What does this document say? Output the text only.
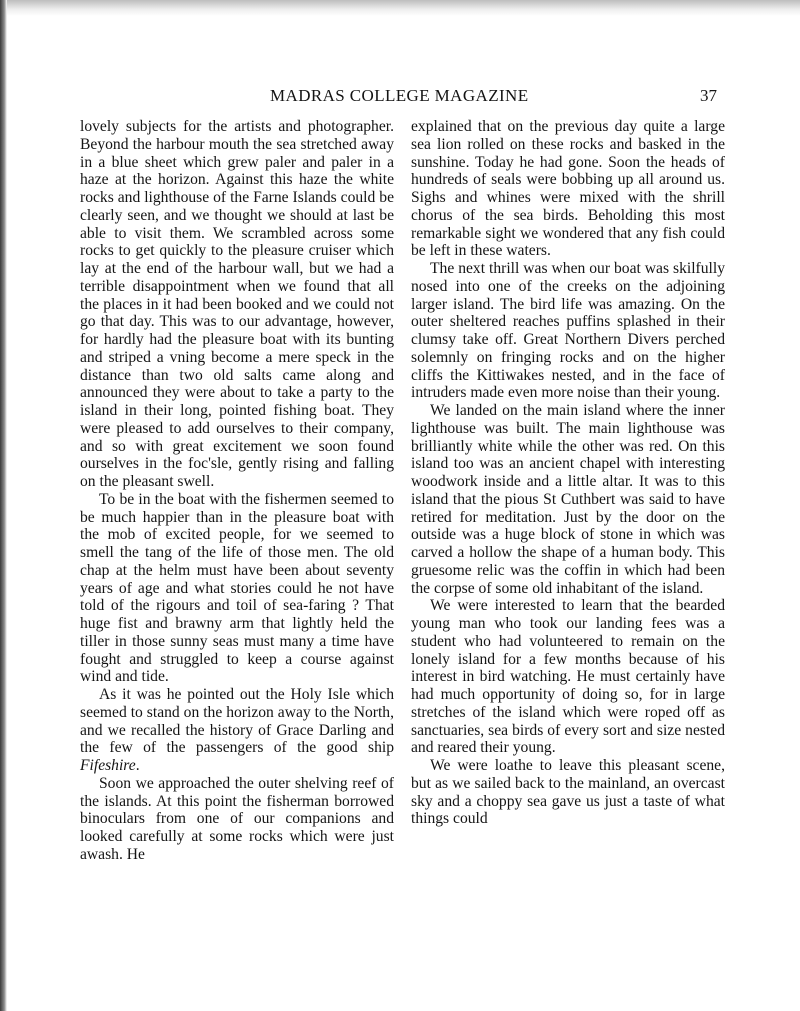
MADRAS COLLEGE MAGAZINE	37

lovely subjects for the artists and photographer. Beyond the harbour mouth the sea stretched away in a blue sheet which grew paler and paler in a haze at the horizon. Against this haze the white rocks and lighthouse of the Farne Islands could be clearly seen, and we thought we should at last be able to visit them. We scrambled across some rocks to get quickly to the pleasure cruiser which lay at the end of the harbour wall, but we had a terrible disappointment when we found that all the places in it had been booked and we could not go that day. This was to our advantage, however, for hardly had the pleasure boat with its bunting and striped a vning become a mere speck in the distance than two old salts came along and announced they were about to take a party to the island in their long, pointed fishing boat. They were pleased to add ourselves to their company, and so with great excitement we soon found ourselves in the foc'sle, gently rising and falling on the pleasant swell.

To be in the boat with the fishermen seemed to be much happier than in the pleasure boat with the mob of excited people, for we seemed to smell the tang of the life of those men. The old chap at the helm must have been about seventy years of age and what stories could he not have told of the rigours and toil of sea-faring ? That huge fist and brawny arm that lightly held the tiller in those sunny seas must many a time have fought and struggled to keep a course against wind and tide.

As it was he pointed out the Holy Isle which seemed to stand on the horizon away to the North, and we recalled the history of Grace Darling and the few of the passengers of the good ship Fifeshire.

Soon we approached the outer shelving reef of the islands. At this point the fisherman borrowed binoculars from one of our companions and looked carefully at some rocks which were just awash. He

explained that on the previous day quite a large sea lion rolled on these rocks and basked in the sunshine. Today he had gone. Soon the heads of hundreds of seals were bobbing up all around us. Sighs and whines were mixed with the shrill chorus of the sea birds. Beholding this most remarkable sight we wondered that any fish could be left in these waters.

The next thrill was when our boat was skilfully nosed into one of the creeks on the adjoining larger island. The bird life was amazing. On the outer sheltered reaches puffins splashed in their clumsy take off. Great Northern Divers perched solemnly on fringing rocks and on the higher cliffs the Kittiwakes nested, and in the face of intruders made even more noise than their young.

We landed on the main island where the inner lighthouse was built. The main lighthouse was brilliantly white while the other was red. On this island too was an ancient chapel with interesting woodwork inside and a little altar. It was to this island that the pious St Cuthbert was said to have retired for meditation. Just by the door on the outside was a huge block of stone in which was carved a hollow the shape of a human body. This gruesome relic was the coffin in which had been the corpse of some old inhabitant of the island.

We were interested to learn that the bearded young man who took our landing fees was a student who had volunteered to remain on the lonely island for a few months because of his interest in bird watching. He must certainly have had much opportunity of doing so, for in large stretches of the island which were roped off as sanctuaries, sea birds of every sort and size nested and reared their young.

We were loathe to leave this pleasant scene, but as we sailed back to the mainland, an overcast sky and a choppy sea gave us just a taste of what things could
